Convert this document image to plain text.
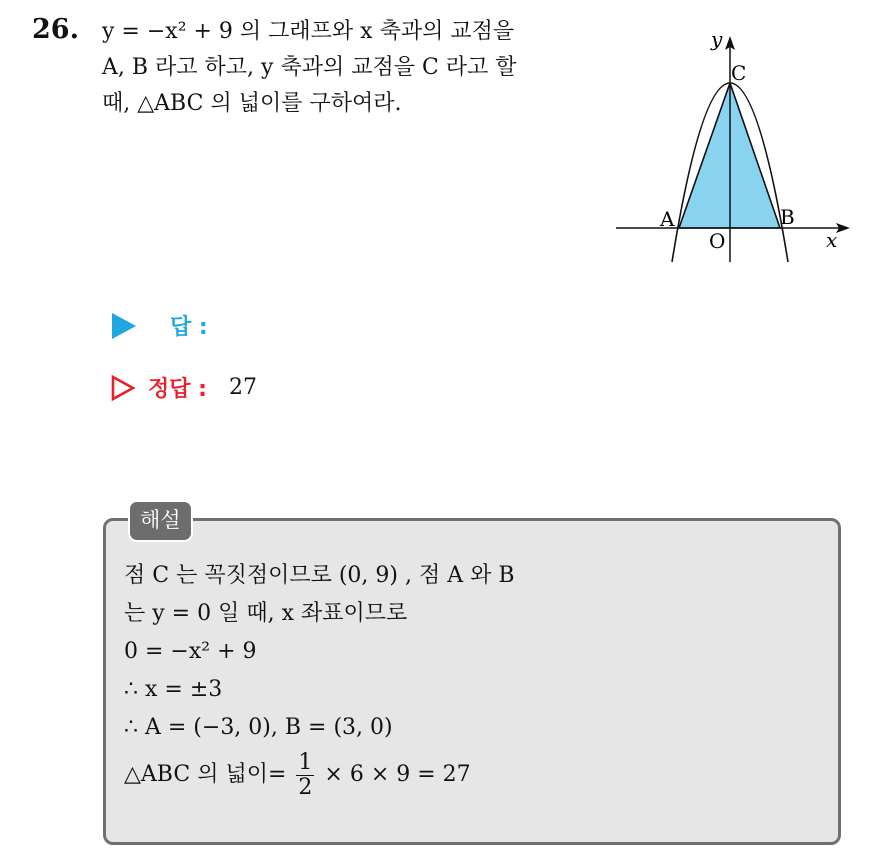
26. y = −x² + 9 의 그래프와 x 축과의 교점을
A, B 라고 하고, y 축과의 교점을 C 라고 할
때, △ABC 의 넓이를 구하여라.
A	B
C
O	x
y
답 :
정답 : 27
해설
점 C 는 꼭짓점이므로 (0, 9) , 점 A 와 B
는 y = 0 일 때, x 좌표이므로
0 = −x² + 9
∴ x = ±3
∴ A = (−3, 0), B = (3, 0)
△ABC 의 넓이= $\frac{1}{2} \times 6 \times 9 = 27$
